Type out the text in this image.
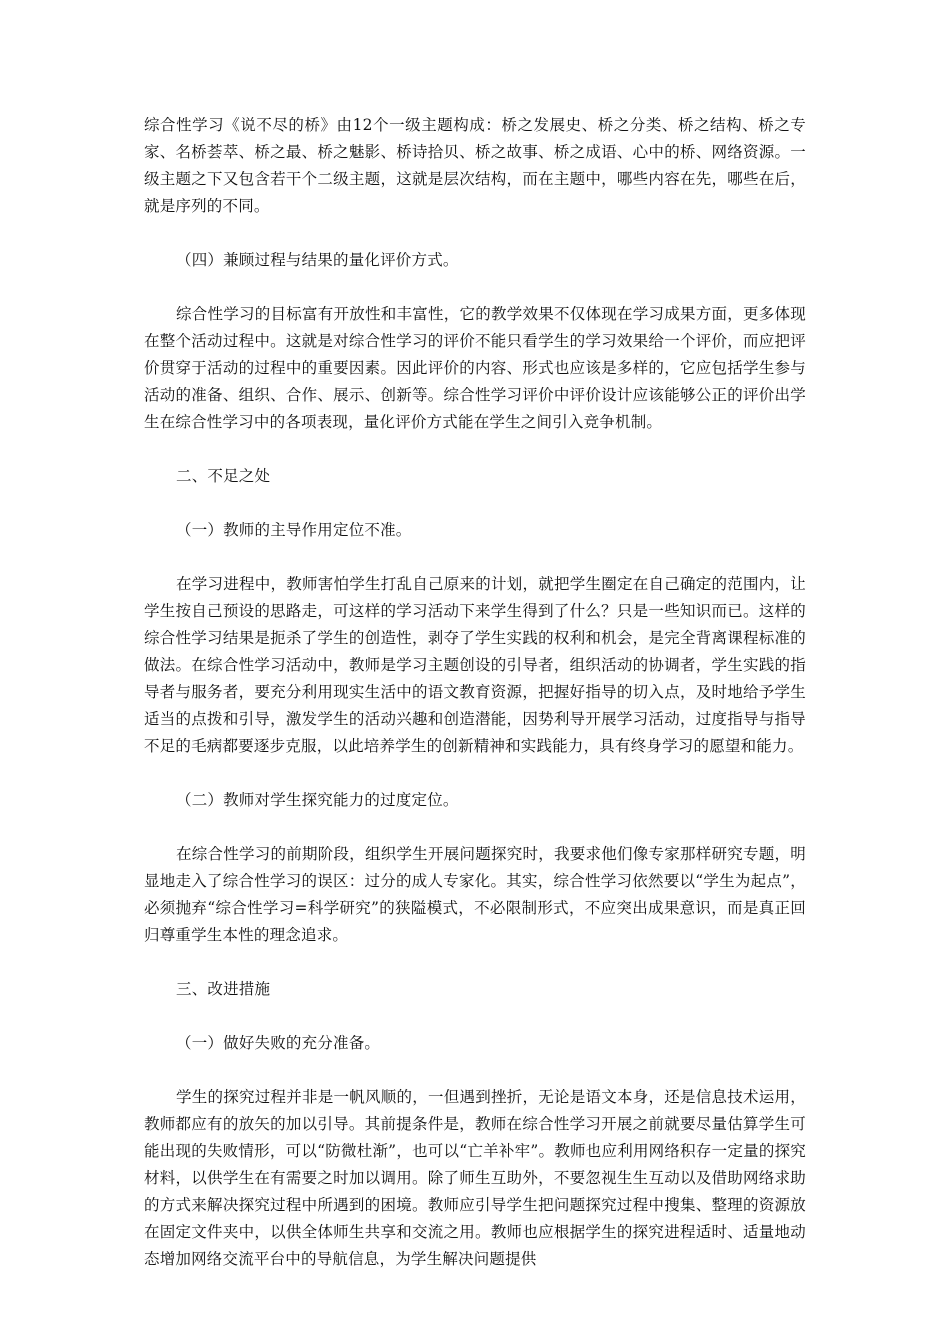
综合性学习《说不尽的桥》由12个一级主题构成：桥之发展史、桥之分类、桥之结构、桥之专家、名桥荟萃、桥之最、桥之魅影、桥诗拾贝、桥之故事、桥之成语、心中的桥、网络资源。一级主题之下又包含若干个二级主题，这就是层次结构，而在主题中，哪些内容在先，哪些在后，就是序列的不同。

（四）兼顾过程与结果的量化评价方式。

综合性学习的目标富有开放性和丰富性，它的教学效果不仅体现在学习成果方面，更多体现在整个活动过程中。这就是对综合性学习的评价不能只看学生的学习效果给一个评价，而应把评价贯穿于活动的过程中的重要因素。因此评价的内容、形式也应该是多样的，它应包括学生参与活动的准备、组织、合作、展示、创新等。综合性学习评价中评价设计应该能够公正的评价出学生在综合性学习中的各项表现，量化评价方式能在学生之间引入竞争机制。

二、不足之处

（一）教师的主导作用定位不准。

在学习进程中，教师害怕学生打乱自己原来的计划，就把学生圈定在自己确定的范围内，让学生按自己预设的思路走，可这样的学习活动下来学生得到了什么？只是一些知识而已。这样的综合性学习结果是扼杀了学生的创造性，剥夺了学生实践的权利和机会，是完全背离课程标准的做法。在综合性学习活动中，教师是学习主题创设的引导者，组织活动的协调者，学生实践的指导者与服务者，要充分利用现实生活中的语文教育资源，把握好指导的切入点，及时地给予学生适当的点拨和引导，激发学生的活动兴趣和创造潜能，因势利导开展学习活动，过度指导与指导不足的毛病都要逐步克服，以此培养学生的创新精神和实践能力，具有终身学习的愿望和能力。

（二）教师对学生探究能力的过度定位。

在综合性学习的前期阶段，组织学生开展问题探究时，我要求他们像专家那样研究专题，明显地走入了综合性学习的误区：过分的成人专家化。其实，综合性学习依然要以“学生为起点”，必须抛弃“综合性学习=科学研究”的狭隘模式，不必限制形式，不应突出成果意识，而是真正回归尊重学生本性的理念追求。

三、改进措施

（一）做好失败的充分准备。

学生的探究过程并非是一帆风顺的，一但遇到挫折，无论是语文本身，还是信息技术运用，教师都应有的放矢的加以引导。其前提条件是，教师在综合性学习开展之前就要尽量估算学生可能出现的失败情形，可以“防微杜渐”，也可以“亡羊补牢”。教师也应利用网络积存一定量的探究材料，以供学生在有需要之时加以调用。除了师生互助外，不要忽视生生互动以及借助网络求助的方式来解决探究过程中所遇到的困境。教师应引导学生把问题探究过程中搜集、整理的资源放在固定文件夹中，以供全体师生共享和交流之用。教师也应根据学生的探究进程适时、适量地动态增加网络交流平台中的导航信息，为学生解决问题提供
